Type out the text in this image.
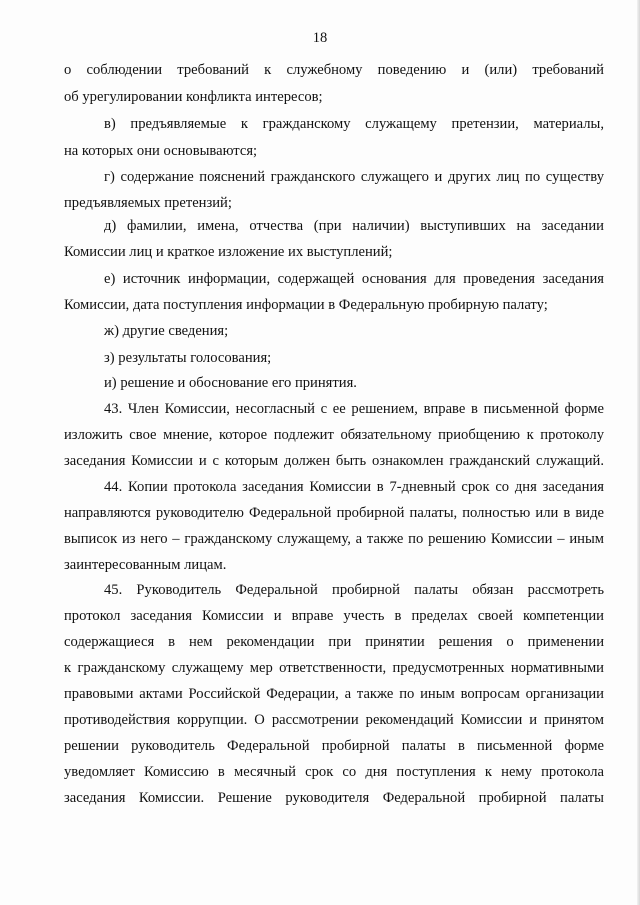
18
о соблюдении требований к служебному поведению и (или) требований
об урегулировании конфликта интересов;
в) предъявляемые к гражданскому служащему претензии, материалы,
на которых они основываются;
г) содержание пояснений гражданского служащего и других лиц по существу
предъявляемых претензий;
д) фамилии, имена, отчества (при наличии) выступивших на заседании
Комиссии лиц и краткое изложение их выступлений;
е) источник информации, содержащей основания для проведения заседания
Комиссии, дата поступления информации в Федеральную пробирную палату;
ж) другие сведения;
з) результаты голосования;
и) решение и обоснование его принятия.
43. Член Комиссии, несогласный с ее решением, вправе в письменной форме
изложить свое мнение, которое подлежит обязательному приобщению к протоколу
заседания Комиссии и с которым должен быть ознакомлен гражданский служащий.
44. Копии протокола заседания Комиссии в 7-дневный срок со дня заседания
направляются руководителю Федеральной пробирной палаты, полностью или в виде
выписок из него – гражданскому служащему, а также по решению Комиссии – иным
заинтересованным лицам.
45. Руководитель Федеральной пробирной палаты обязан рассмотреть
протокол заседания Комиссии и вправе учесть в пределах своей компетенции
содержащиеся в нем рекомендации при принятии решения о применении
к гражданскому служащему мер ответственности, предусмотренных нормативными
правовыми актами Российской Федерации, а также по иным вопросам организации
противодействия коррупции. О рассмотрении рекомендаций Комиссии и принятом
решении руководитель Федеральной пробирной палаты в письменной форме
уведомляет Комиссию в месячный срок со дня поступления к нему протокола
заседания Комиссии. Решение руководителя Федеральной пробирной палаты
